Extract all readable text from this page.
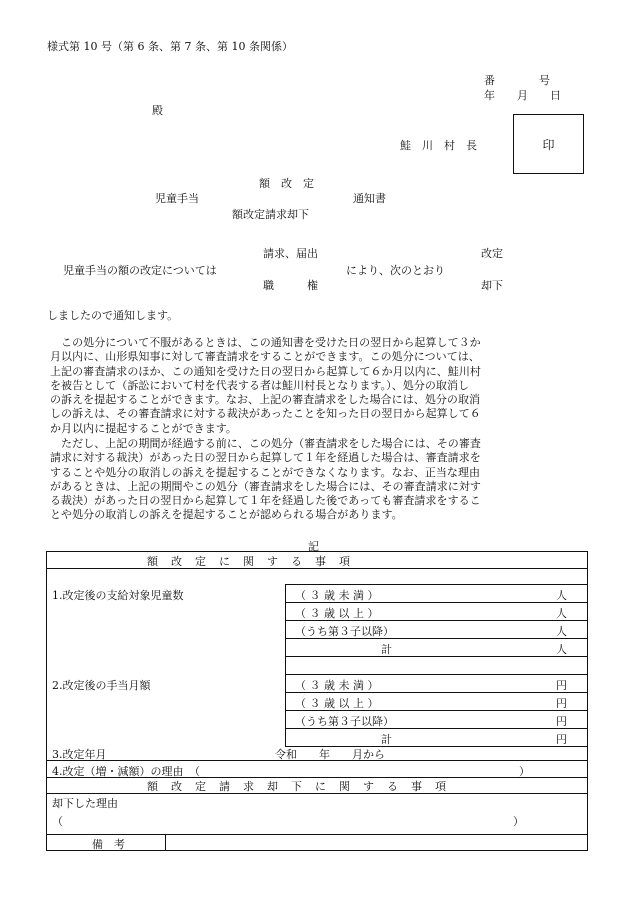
様式第 10 号（第 6 条、第 7 条、第 10 条関係）
番　　　　号
年　　月　　日
殿
鮭　川　村　長	印
額　改　定
児童手当	通知書
額改定請求却下
請求、届出	改定
児童手当の額の改定については	により、次のとおり
職　　　権	却下
しましたので通知します。
　この処分について不服があるときは、この通知書を受けた日の翌日から起算して３か
月以内に、山形県知事に対して審査請求をすることができます。この処分については、
上記の審査請求のほか、この通知を受けた日の翌日から起算して６か月以内に、鮭川村
を被告として（訴訟において村を代表する者は鮭川村長となります。）、処分の取消し
の訴えを提起することができます。なお、上記の審査請求をした場合には、処分の取消
しの訴えは、その審査請求に対する裁決があったことを知った日の翌日から起算して６
か月以内に提起することができます。
　ただし、上記の期間が経過する前に、この処分（審査請求をした場合には、その審査
請求に対する裁決）があった日の翌日から起算して１年を経過した場合は、審査請求を
することや処分の取消しの訴えを提起することができなくなります。なお、正当な理由
があるときは、上記の期間やこの処分（審査請求をした場合には、その審査請求に対す
る裁決）があった日の翌日から起算して１年を経過した後であっても審査請求をするこ
とや処分の取消しの訴えを提起することが認められる場合があります。
記
額改定に関する事項
1.改定後の支給対象児童数	（ ３ 歳 未 満 ）	人
（ ３ 歳 以 上 ）	人
（うち第３子以降）	人
計	人
2.改定後の手当月額	（ ３ 歳 未 満 ）	円
（ ３ 歳 以 上 ）	円
（うち第３子以降）	円
計	円
3.改定年月	令和　　年　　月から
4.改定（増・減額）の理由　（	）
額改定請求却下に関する事項
却下した理由
（	）
備　考
